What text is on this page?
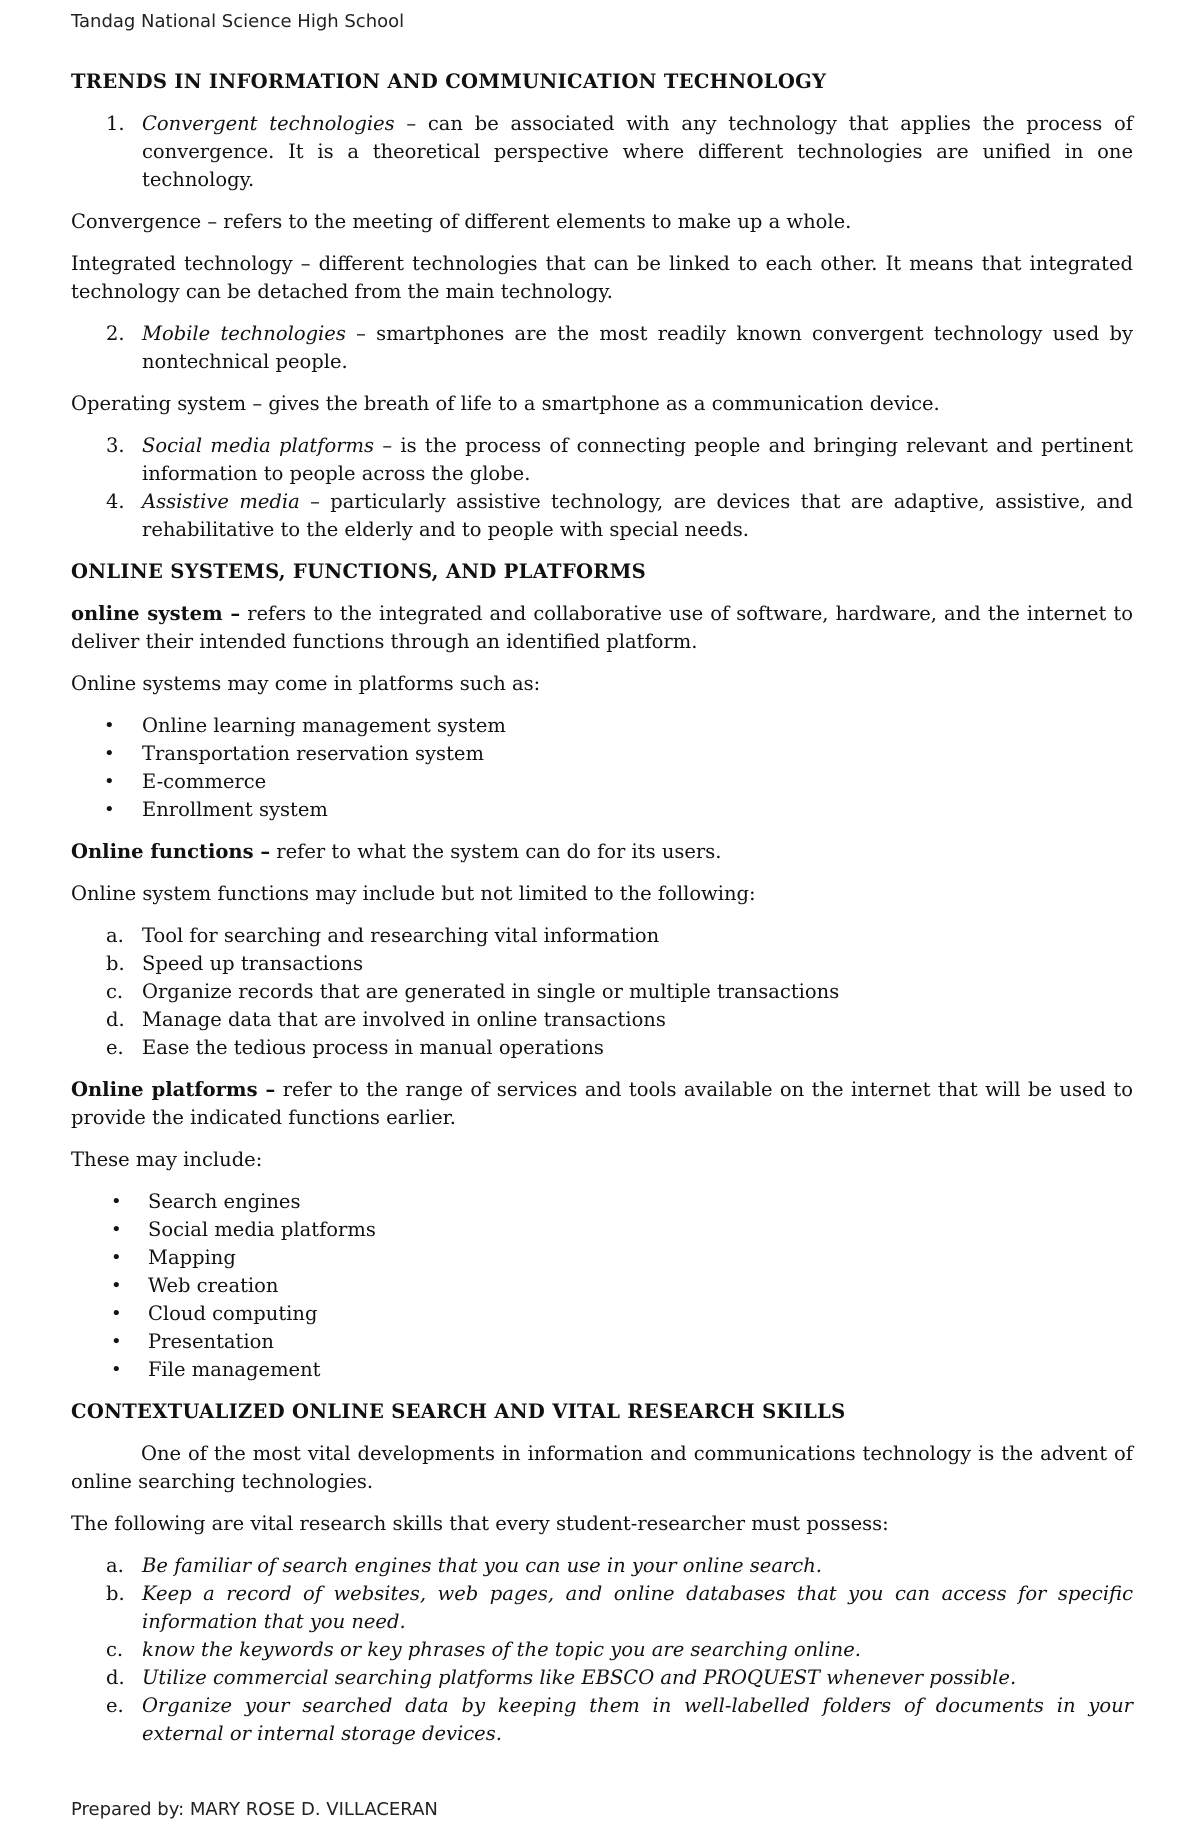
Tandag National Science High School
TRENDS IN INFORMATION AND COMMUNICATION TECHNOLOGY
1. Convergent technologies – can be associated with any technology that applies the process of convergence. It is a theoretical perspective where different technologies are unified in one technology.

Convergence – refers to the meeting of different elements to make up a whole.

Integrated technology – different technologies that can be linked to each other. It means that integrated technology can be detached from the main technology.

2. Mobile technologies – smartphones are the most readily known convergent technology used by nontechnical people.

Operating system – gives the breath of life to a smartphone as a communication device.

3. Social media platforms – is the process of connecting people and bringing relevant and pertinent information to people across the globe.
4. Assistive media – particularly assistive technology, are devices that are adaptive, assistive, and rehabilitative to the elderly and to people with special needs.
ONLINE SYSTEMS, FUNCTIONS, AND PLATFORMS

online system – refers to the integrated and collaborative use of software, hardware, and the internet to deliver their intended functions through an identified platform.

Online systems may come in platforms such as:

• Online learning management system
• Transportation reservation system
• E-commerce
• Enrollment system

Online functions – refer to what the system can do for its users.

Online system functions may include but not limited to the following:

a. Tool for searching and researching vital information
b. Speed up transactions
c. Organize records that are generated in single or multiple transactions
d. Manage data that are involved in online transactions
e. Ease the tedious process in manual operations

Online platforms – refer to the range of services and tools available on the internet that will be used to provide the indicated functions earlier.

These may include:

• Search engines
• Social media platforms
• Mapping
• Web creation
• Cloud computing
• Presentation
• File management
CONTEXTUALIZED ONLINE SEARCH AND VITAL RESEARCH SKILLS

One of the most vital developments in information and communications technology is the advent of online searching technologies.

The following are vital research skills that every student-researcher must possess:

a. Be familiar of search engines that you can use in your online search.
b. Keep a record of websites, web pages, and online databases that you can access for specific information that you need.
c. know the keywords or key phrases of the topic you are searching online.
d. Utilize commercial searching platforms like EBSCO and PROQUEST whenever possible.
e. Organize your searched data by keeping them in well-labelled folders of documents in your external or internal storage devices.
Prepared by: MARY ROSE D. VILLACERAN
